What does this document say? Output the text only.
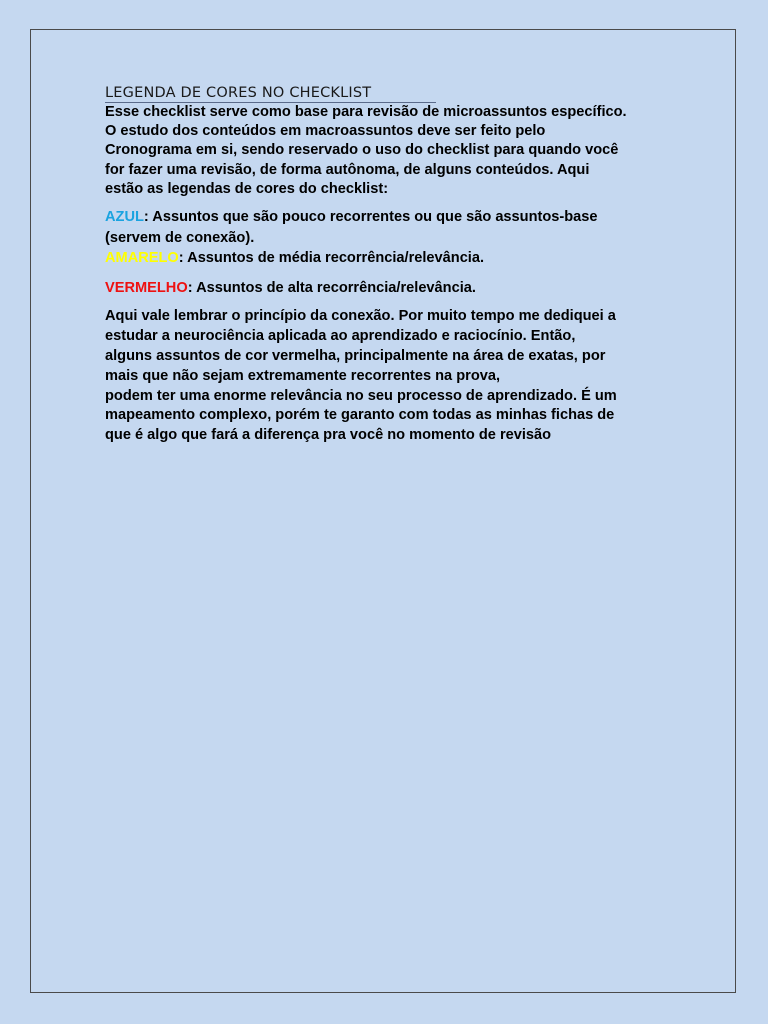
LEGENDA DE CORES NO CHECKLIST

Esse checklist serve como base para revisão de microassuntos específico.
O estudo dos conteúdos em macroassuntos deve ser feito pelo
Cronograma em si, sendo reservado o uso do checklist para quando você
for fazer uma revisão, de forma autônoma, de alguns conteúdos. Aqui
estão as legendas de cores do checklist:

AZUL: Assuntos que são pouco recorrentes ou que são assuntos-base
(servem de conexão).

AMARELO: Assuntos de média recorrência/relevância.

VERMELHO: Assuntos de alta recorrência/relevância.

Aqui vale lembrar o princípio da conexão. Por muito tempo me dediquei a
estudar a neurociência aplicada ao aprendizado e raciocínio. Então,
alguns assuntos de cor vermelha, principalmente na área de exatas, por
mais que não sejam extremamente recorrentes na prova,
podem ter uma enorme relevância no seu processo de aprendizado. É um
mapeamento complexo, porém te garanto com todas as minhas fichas de
que é algo que fará a diferença pra você no momento de revisão
